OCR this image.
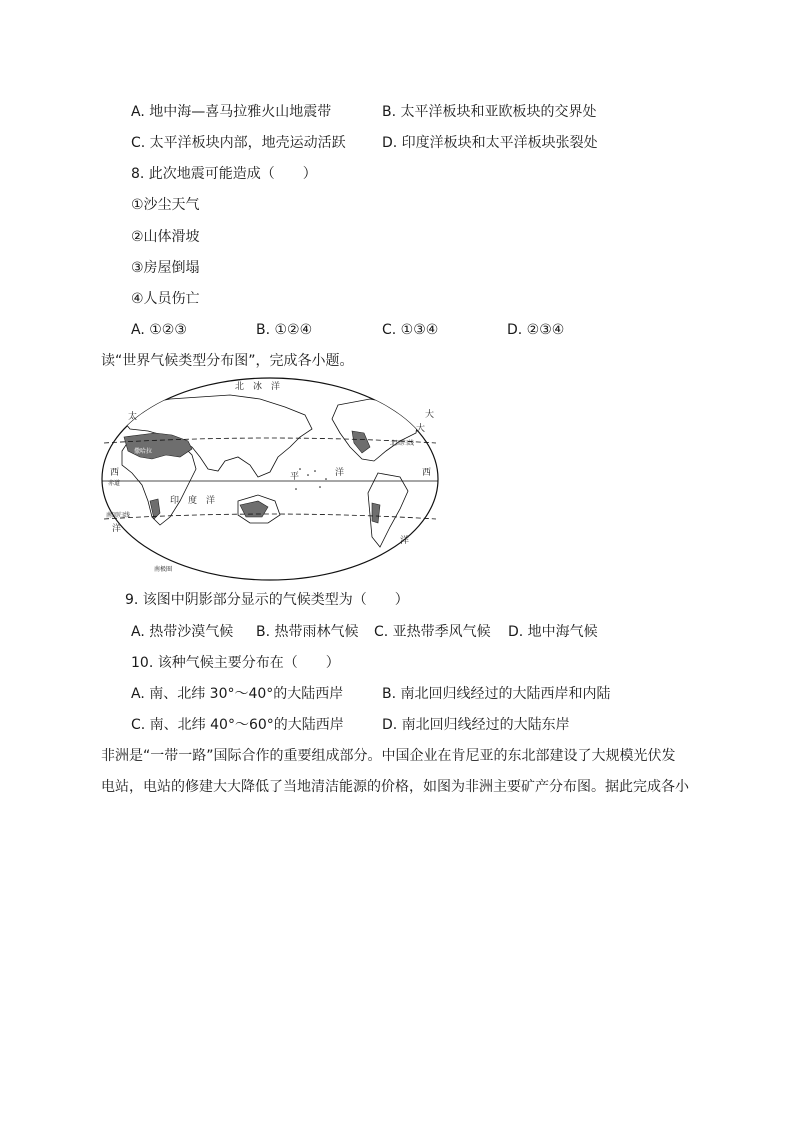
A. 地中海—喜马拉雅火山地震带	B. 太平洋板块和亚欧板块的交界处
C. 太平洋板块内部，地壳运动活跃	D. 印度洋板块和太平洋板块张裂处
8. 此次地震可能造成（　　）
①沙尘天气
②山体滑坡
③房屋倒塌
④人员伤亡
A. ①②③	B. ①②④	C. ①③④	D. ②③④
读“世界气候类型分布图”，完成各小题。
北　冰　洋
太
平	洋
大
大
西	西
洋
洋
印　度　洋
北回归线
南回归线
赤道
南极圈
撒哈拉
9. 该图中阴影部分显示的气候类型为（　　）
A. 热带沙漠气候 B. 热带雨林气候 C. 亚热带季风气候 D. 地中海气候
10. 该种气候主要分布在（　　）
A. 南、北纬 30°～40°的大陆西岸	B. 南北回归线经过的大陆西岸和内陆
C. 南、北纬 40°～60°的大陆西岸	D. 南北回归线经过的大陆东岸
非洲是“一带一路”国际合作的重要组成部分。中国企业在肯尼亚的东北部建设了大规模光伏发
电站，电站的修建大大降低了当地清洁能源的价格，如图为非洲主要矿产分布图。据此完成各小
